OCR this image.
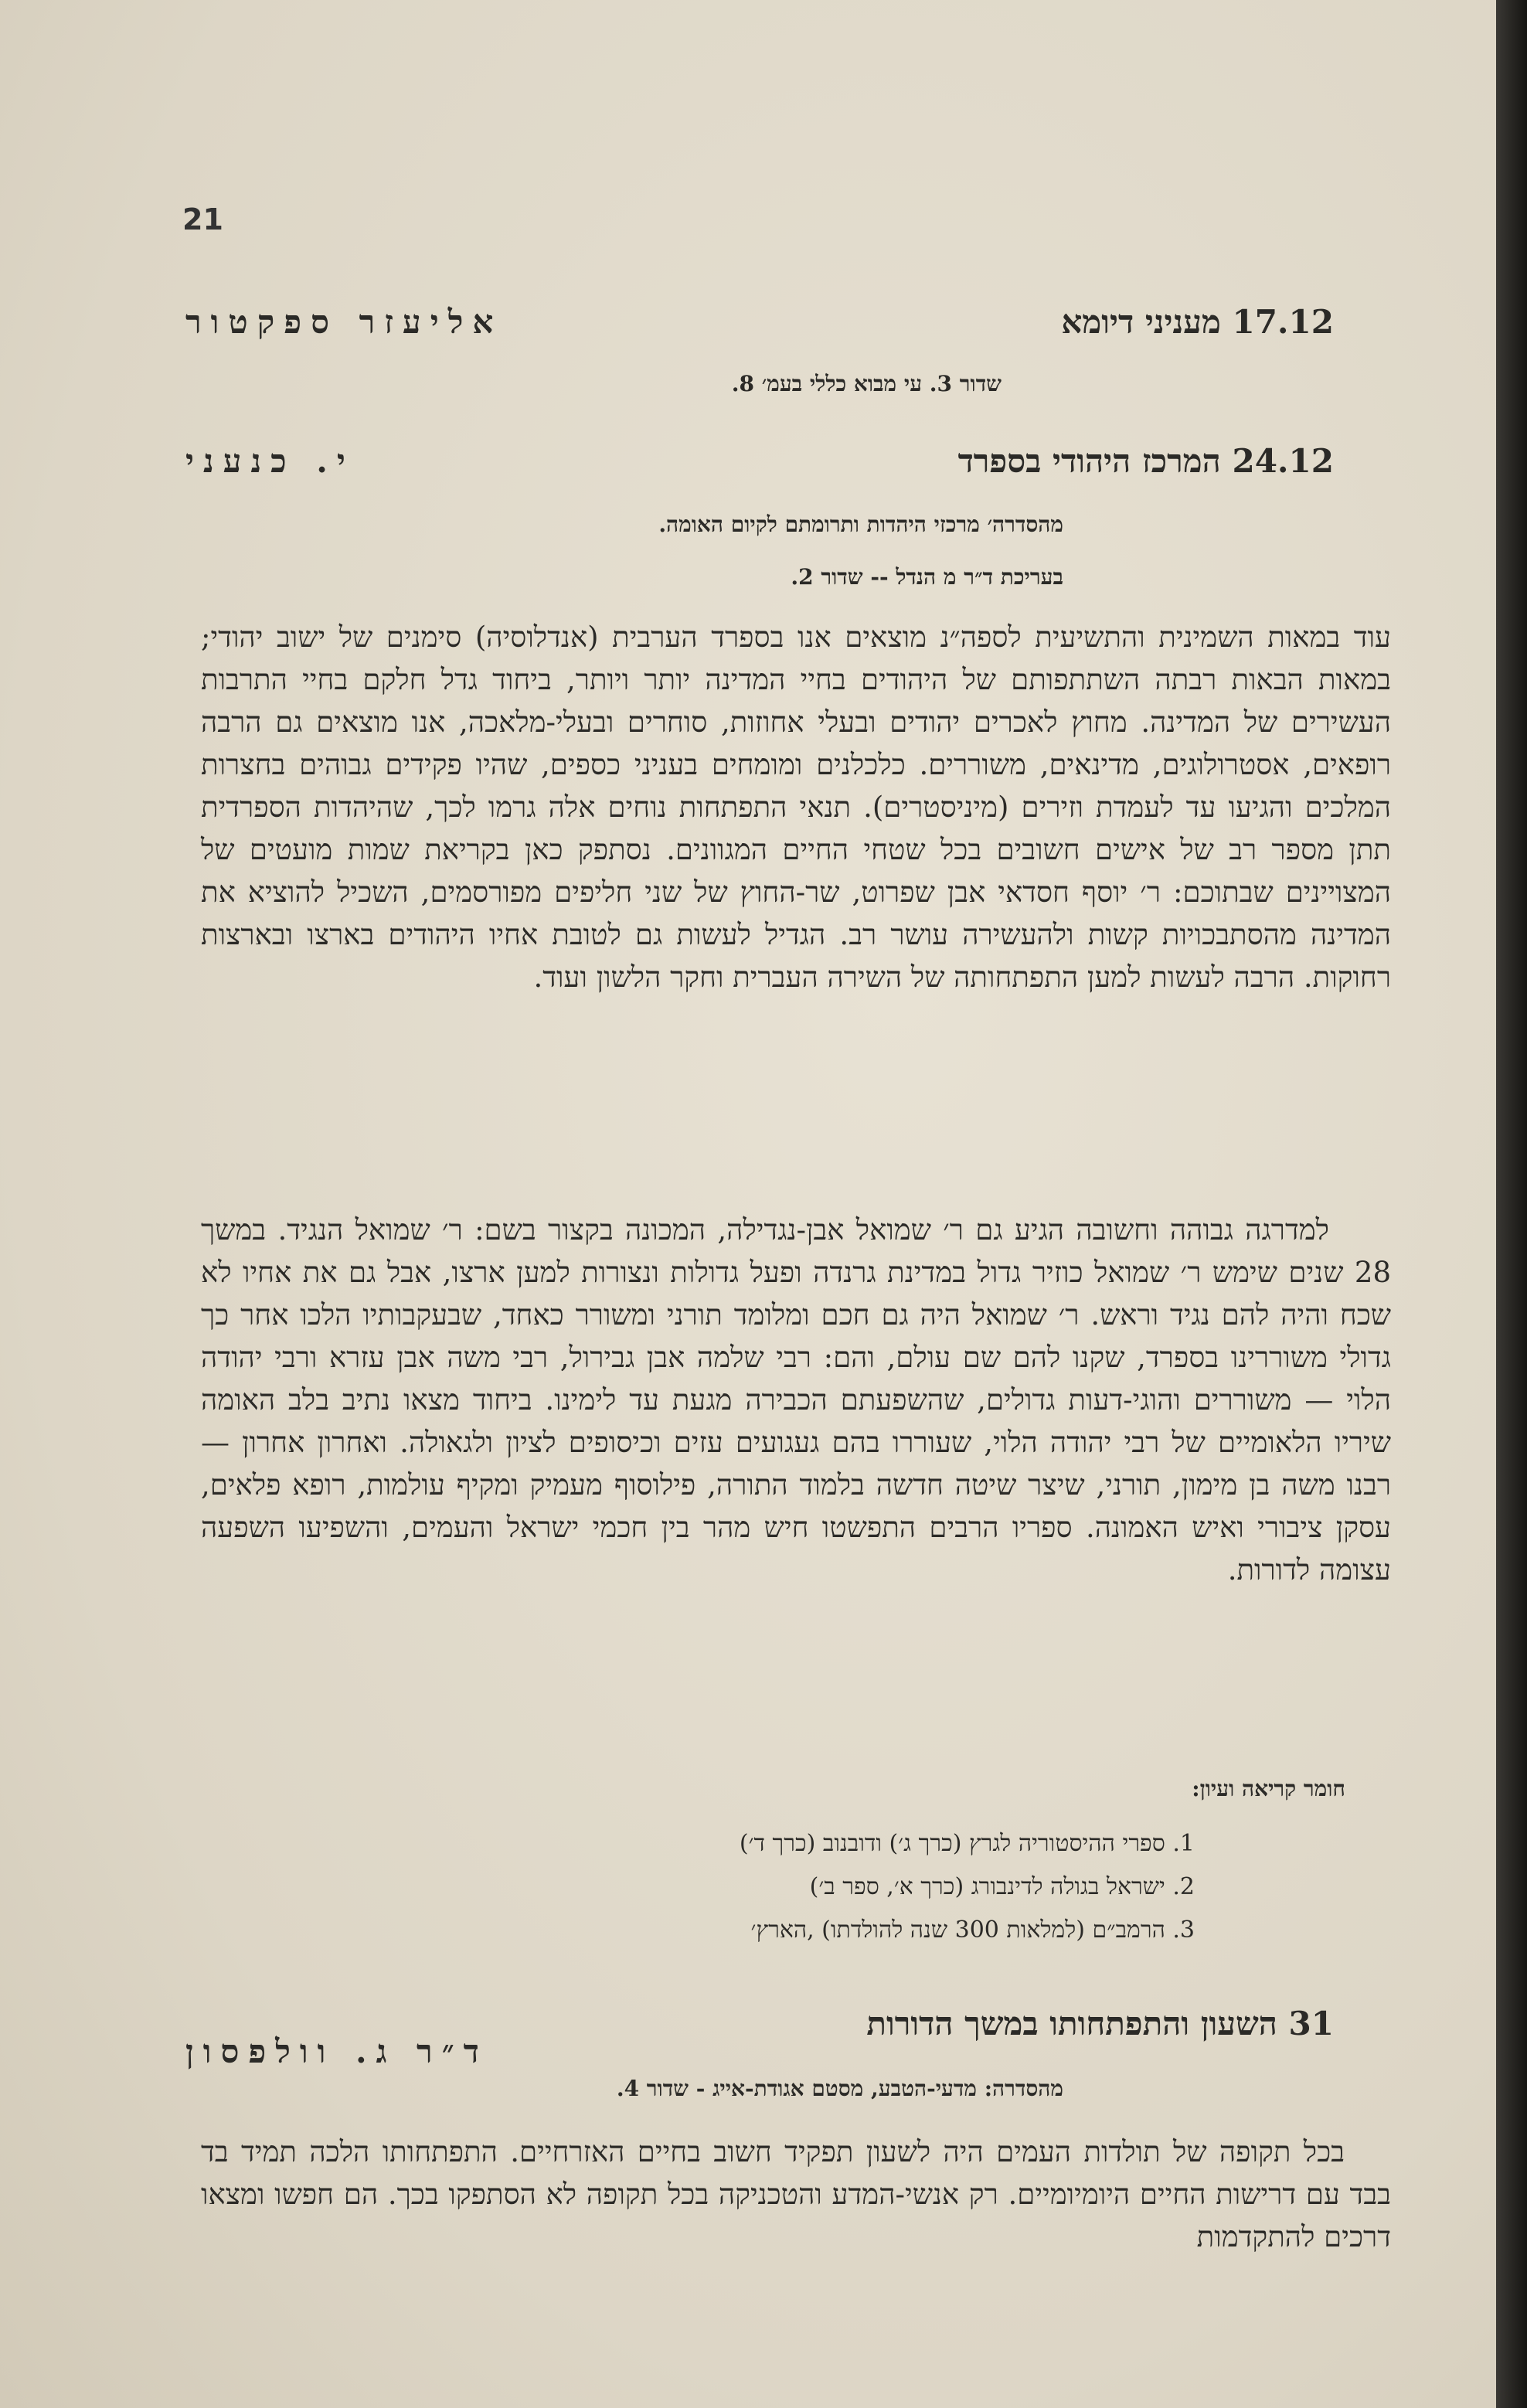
21
17.12 מעניני דיומא
אליעזר ספקטור
שדור 3. עי מבוא כללי בעמ׳ 8.
24.12 המרכז היהודי בספרד
י. כנעני
מהסדרה׳ מרכזי היהדות ותרומתם לקיום האומה.
בעריכת ד״ר מ הנדל -- שדור 2.

עוד במאות השמינית והתשיעית לספה״נ מוצאים אנו בספרד הערבית (אנדלוסיה) סימנים של ישוב יהודי; במאות הבאות רבתה השתתפותם של היהודים בחיי המדינה יותר ויותר, ביחוד גדל חלקם בחיי התרבות העשירים של המדינה. מחוץ לאכרים יהודים ובעלי אחוזות, סוחרים ובעלי-מלאכה, אנו מוצאים גם הרבה רופאים, אסטרולוגים, מדינאים, משוררים. כלכלנים ומומחים בעניני כספים, שהיו פקידים גבוהים בחצרות המלכים והגיעו עד לעמדת וזירים (מיניסטרים). תנאי התפתחות נוחים אלה גרמו לכך, שהיהדות הספרדית תתן מספר רב של אישים חשובים בכל שטחי החיים המגוונים. נסתפק כאן בקריאת שמות מועטים של המצויינים שבתוכם: ר׳ יוסף חסדאי אבן שפרוט, שר-החוץ של שני חליפים מפורסמים, השכיל להוציא את המדינה מהסתבכויות קשות ולהעשירה עושר רב. הגדיל לעשות גם לטובת אחיו היהודים בארצו ובארצות רחוקות. הרבה לעשות למען התפתחותה של השירה העברית וחקר הלשון ועוד.

למדרגה גבוהה וחשובה הגיע גם ר׳ שמואל אבן-נגדילה, המכונה בקצור בשם: ר׳ שמואל הנגיד. במשך 28 שנים שימש ר׳ שמואל כוזיר גדול במדינת גרנדה ופעל גדולות ונצורות למען ארצו, אבל גם את אחיו לא שכח והיה להם נגיד וראש. ר׳ שמואל היה גם חכם ומלומד תורני ומשורר כאחד, שבעקבותיו הלכו אחר כך גדולי משוררינו בספרד, שקנו להם שם עולם, והם: רבי שלמה אבן גבירול, רבי משה אבן עזרא ורבי יהודה הלוי — משוררים והוגי-דעות גדולים, שהשפעתם הכבירה מגעת עד לימינו. ביחוד מצאו נתיב בלב האומה שיריו הלאומיים של רבי יהודה הלוי, שעוררו בהם געגועים עזים וכיסופים לציון ולגאולה. ואחרון אחרון — רבנו משה בן מימון, תורני, שיצר שיטה חדשה בלמוד התורה, פילוסוף מעמיק ומקיף עולמות, רופא פלאים, עסקן ציבורי ואיש האמונה. ספריו הרבים התפשטו חיש מהר בין חכמי ישראל והעמים, והשפיעו השפעה עצומה לדורות.

חומר קריאה ועיון:
1. ספרי ההיסטוריה לגרץ (כרך ג׳) ודובנוב (כרך ד׳)
2. ישראל בגולה לדינבורג (כרך א׳, ספר ב׳)
3. הרמב״ם (למלאות 300 שנה להולדתו) ,הארץ׳
31 השעון והתפתחותו במשך הדורות
ד״ר ג. וולפסון
מהסדרה: מדעי-הטבע, מסטם אגודת-אייג - שדור 4.

בכל תקופה של תולדות העמים היה לשעון תפקיד חשוב בחיים האזרחיים. התפתחותו הלכה תמיד בד בבד עם דרישות החיים היומיומיים. רק אנשי-המדע והטכניקה בכל תקופה לא הסתפקו בכך. הם חפשו ומצאו דרכים להתקדמות
